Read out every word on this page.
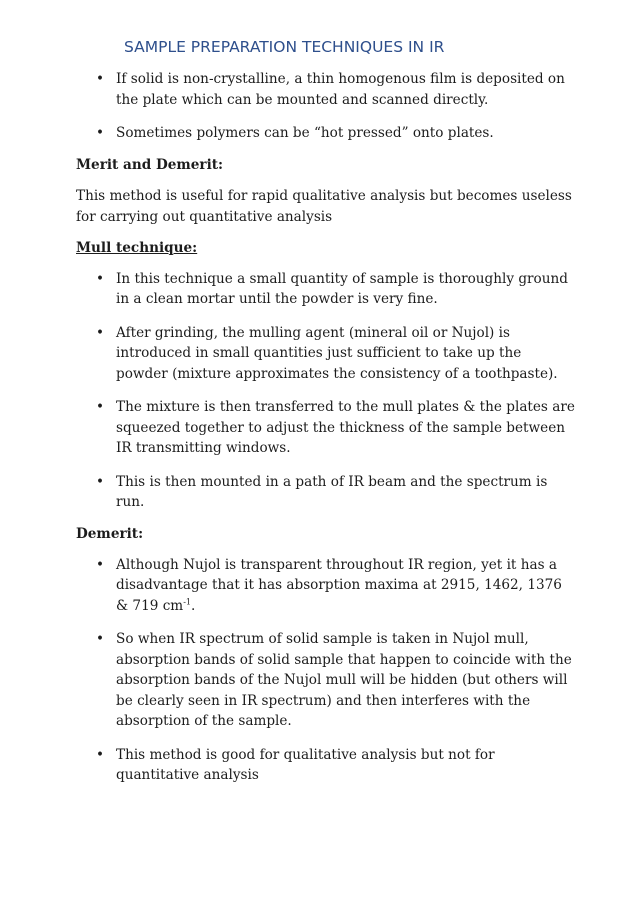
SAMPLE PREPARATION TECHNIQUES IN IR
• If solid is non-crystalline, a thin homogenous film is deposited on the plate which can be mounted and scanned directly.
• Sometimes polymers can be “hot pressed” onto plates.
Merit and Demerit:
This method is useful for rapid qualitative analysis but becomes useless for carrying out quantitative analysis
Mull technique:
• In this technique a small quantity of sample is thoroughly ground in a clean mortar until the powder is very fine.
• After grinding, the mulling agent (mineral oil or Nujol) is introduced in small quantities just sufficient to take up the powder (mixture approximates the consistency of a toothpaste).
• The mixture is then transferred to the mull plates & the plates are squeezed together to adjust the thickness of the sample between IR transmitting windows.
• This is then mounted in a path of IR beam and the spectrum is run.
Demerit:
• Although Nujol is transparent throughout IR region, yet it has a disadvantage that it has absorption maxima at 2915, 1462, 1376 & 719 $cm^{-1}$.
• So when IR spectrum of solid sample is taken in Nujol mull, absorption bands of solid sample that happen to coincide with the absorption bands of the Nujol mull will be hidden (but others will be clearly seen in IR spectrum) and then interferes with the absorption of the sample.
• This method is good for qualitative analysis but not for quantitative analysis
